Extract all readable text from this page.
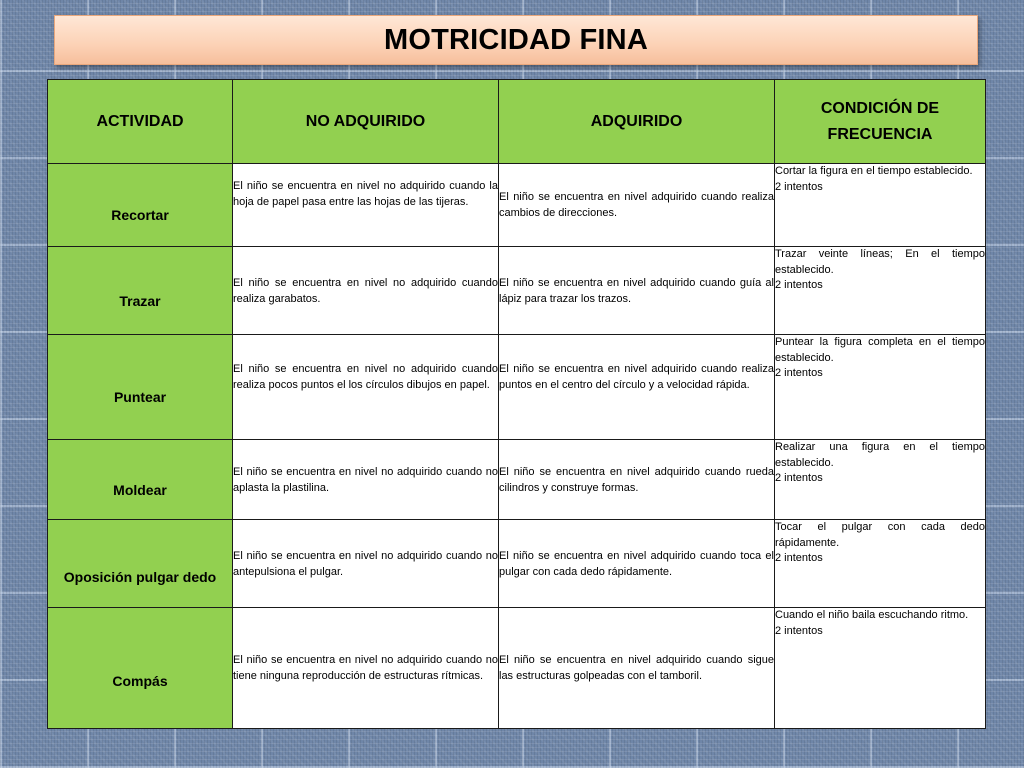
MOTRICIDAD FINA
ACTIVIDAD	NO ADQUIRIDO	ADQUIRIDO	CONDICIÓN DE FRECUENCIA
Recortar	El niño se encuentra en nivel no adquirido cuando la hoja de papel pasa entre las hojas de las tijeras.	El niño se encuentra en nivel adquirido cuando realiza cambios de direcciones.	Cortar la figura en el tiempo establecido.
2 intentos

Trazar	El niño se encuentra en nivel no adquirido cuando realiza garabatos.	El niño se encuentra en nivel adquirido cuando guía al lápiz para trazar los trazos.	Trazar veinte líneas; En el tiempo establecido.
2 intentos

Puntear	El niño se encuentra en nivel no adquirido cuando realiza pocos puntos el los círculos dibujos en papel.	El niño se encuentra en nivel adquirido cuando realiza puntos en el centro del círculo y a velocidad rápida.	Puntear la figura completa en el tiempo establecido.
2 intentos

Moldear	El niño se encuentra en nivel no adquirido cuando no aplasta la plastilina.	El niño se encuentra en nivel adquirido cuando rueda cilindros y construye formas.	Realizar una figura en el tiempo establecido.
2 intentos

Oposición pulgar dedo	El niño se encuentra en nivel no adquirido cuando no antepulsiona el pulgar.	El niño se encuentra en nivel adquirido cuando toca el pulgar con cada dedo rápidamente.	Tocar el pulgar con cada dedo rápidamente.
2 intentos

Compás	El niño se encuentra en nivel no adquirido cuando no tiene ninguna reproducción de estructuras rítmicas.	El niño se encuentra en nivel adquirido cuando sigue las estructuras golpeadas con el tamboril.	Cuando el niño baila escuchando ritmo.
2 intentos
